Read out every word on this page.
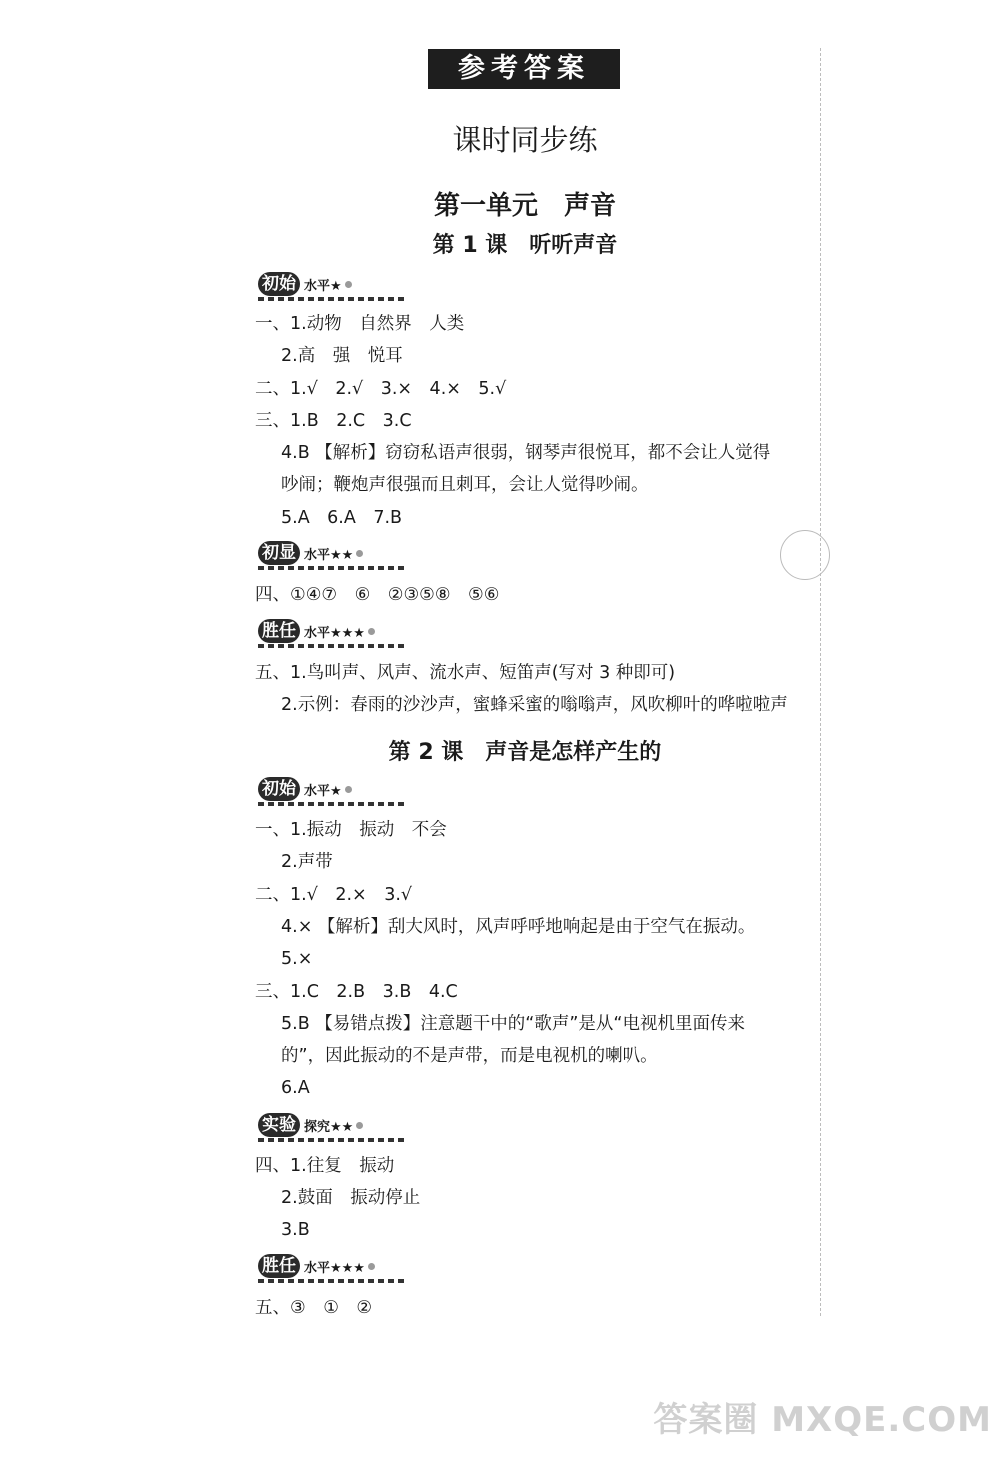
参考答案
课时同步练
第一单元　声音
第 1 课　听听声音
初始 水平★
一、1.动物　自然界　人类
2.高　强　悦耳
二、1.√　2.√　3.×　4.×　5.√
三、1.B　2.C　3.C
4.B 【解析】窃窃私语声很弱，钢琴声很悦耳，都不会让人觉得
吵闹；鞭炮声很强而且刺耳，会让人觉得吵闹。
5.A　6.A　7.B
初显 水平★★
四、①④⑦　⑥　②③⑤⑧　⑤⑥
胜任 水平★★★
五、1.鸟叫声、风声、流水声、短笛声(写对 3 种即可)
2.示例：春雨的沙沙声，蜜蜂采蜜的嗡嗡声，风吹柳叶的哗啦啦声
第 2 课　声音是怎样产生的
初始 水平★
一、1.振动　振动　不会
2.声带
二、1.√　2.×　3.√
4.× 【解析】刮大风时，风声呼呼地响起是由于空气在振动。
5.×
三、1.C　2.B　3.B　4.C
5.B 【易错点拨】注意题干中的“歌声”是从“电视机里面传来
的”，因此振动的不是声带，而是电视机的喇叭。
6.A
实验 探究★★
四、1.往复　振动
2.鼓面　振动停止
3.B
胜任 水平★★★
五、③　①　②
答案圈 MXQE.COM
